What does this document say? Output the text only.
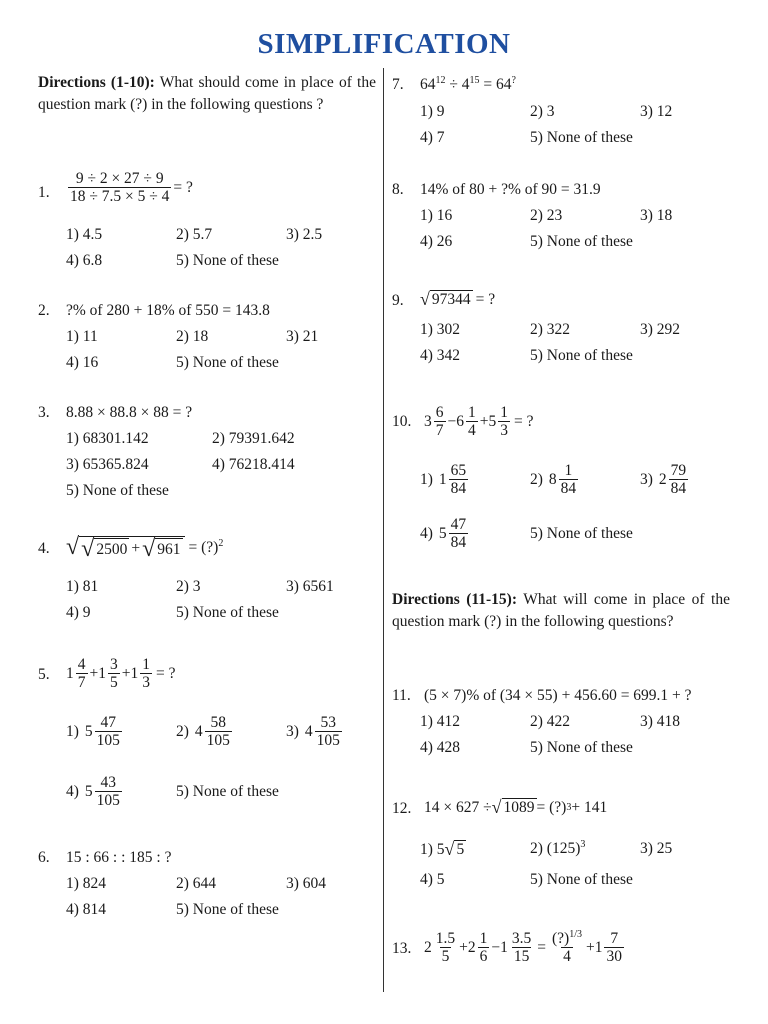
SIMPLIFICATION
Directions (1-10): What should come in place of the question mark (?) in the following questions ?
1. $\frac{9 \div 2 \times 27 \div 9}{18 \div 7.5 \times 5 \div 4}$ = ?
1) 4.5	2) 5.7	3) 2.5
4) 6.8	5) None of these
2. ?% of 280 + 18% of 550 = 143.8
1) 11	2) 18	3) 21
4) 16	5) None of these
3. 8.88 × 88.8 × 88 = ?
1) 68301.142	2) 79391.642
3) 65365.824	4) 76218.414
5) None of these
4. √ √ 2500 + √ 961 = (?)$^2$
1) 81	2) 3	3) 6561
4) 9	5) None of these
5. $1 \frac{4}{7} + 1 \frac{3}{5} + 1 \frac{1}{3}$ = ?
1) $5 \frac{47}{105}$	2) $4 \frac{58}{105}$	3) $4 \frac{53}{105}$
4) $5 \frac{43}{105}$	5) None of these
6. 15 : 66 : : 185 : ?
1) 824	2) 644	3) 604
4) 814	5) None of these
7. $64^{12} \div 4^{15} = 64^?$
1) 9	2) 3	3) 12
4) 7	5) None of these
8. 14% of 80 + ?% of 90 = 31.9
1) 16	2) 23	3) 18
4) 26	5) None of these
9. √ 97344 = ?
1) 302	2) 322	3) 292
4) 342	5) None of these
10. $3 \frac{6}{7} - 6 \frac{1}{4} + 5 \frac{1}{3}$ = ?
1) $1 \frac{65}{84}$	2) $8 \frac{1}{84}$	3) $2 \frac{79}{84}$
4) $5 \frac{47}{84}$	5) None of these
Directions (11-15): What will come in place of the question mark (?) in the following questions?
11. (5 × 7)% of (34 × 55) + 456.60 = 699.1 + ?
1) 412	2) 422	3) 418
4) 428	5) None of these
12. 14 × 627 ÷ √ 1089 = (?) 3 + 141
1) 5 √ 5	2) $(125)^3$	3) 25
4) 5	5) None of these
13. $2 \frac{1.5}{5} + 2 \frac{1}{6} - 1 \frac{3.5}{15} = \frac{(?)^{1/3}}{4} + 1 \frac{7}{30}$
